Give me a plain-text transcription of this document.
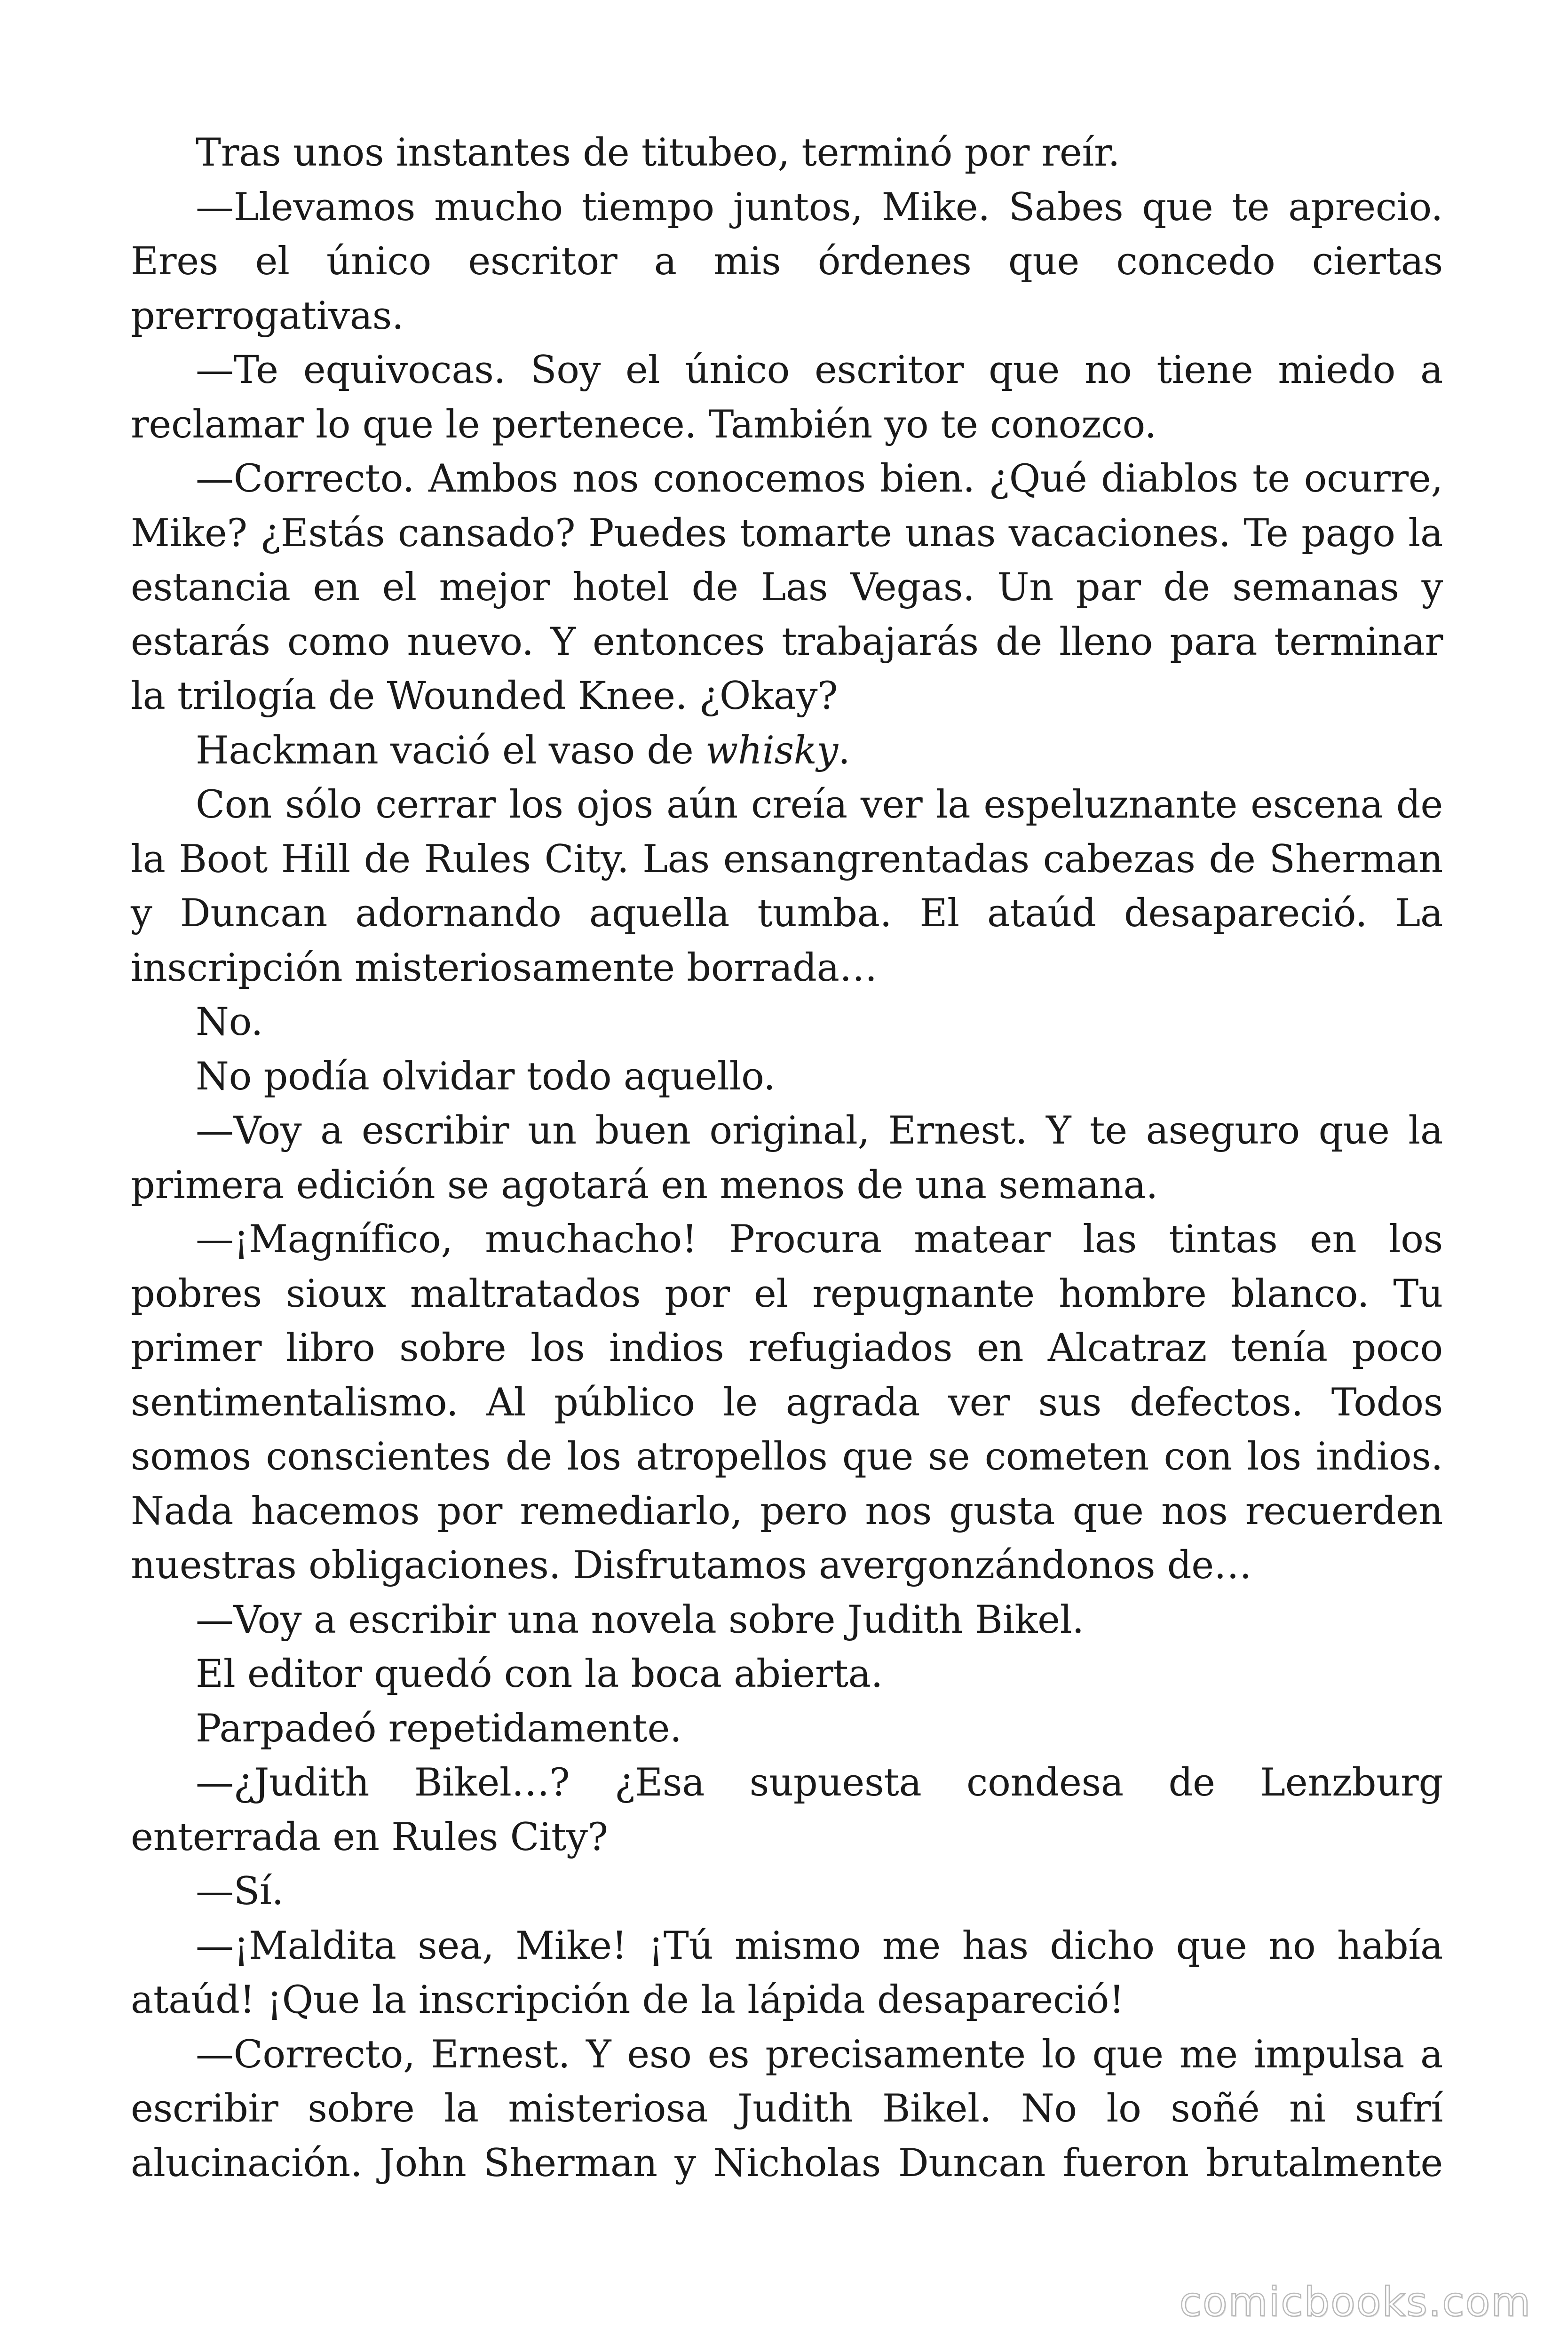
Tras unos instantes de titubeo, terminó por reír.

—Llevamos mucho tiempo juntos, Mike. Sabes que te aprecio. Eres el único escritor a mis órdenes que concedo ciertas prerrogativas.

—Te equivocas. Soy el único escritor que no tiene miedo a reclamar lo que le pertenece. También yo te conozco.

—Correcto. Ambos nos conocemos bien. ¿Qué diablos te ocurre, Mike? ¿Estás cansado? Puedes tomarte unas vacaciones. Te pago la estancia en el mejor hotel de Las Vegas. Un par de semanas y estarás como nuevo. Y entonces trabajarás de lleno para terminar la trilogía de Wounded Knee. ¿Okay?

Hackman vació el vaso de whisky.

Con sólo cerrar los ojos aún creía ver la espeluznante escena de la Boot Hill de Rules City. Las ensangrentadas cabezas de Sherman y Duncan adornando aquella tumba. El ataúd desapareció. La inscripción misteriosamente borrada…

No.

No podía olvidar todo aquello.

—Voy a escribir un buen original, Ernest. Y te aseguro que la primera edición se agotará en menos de una semana.

—¡Magnífico, muchacho! Procura matear las tintas en los pobres sioux maltratados por el repugnante hombre blanco. Tu primer libro sobre los indios refugiados en Alcatraz tenía poco sentimentalismo. Al público le agrada ver sus defectos. Todos somos conscientes de los atropellos que se cometen con los indios. Nada hacemos por remediarlo, pero nos gusta que nos recuerden nuestras obligaciones. Disfrutamos avergonzándonos de…

—Voy a escribir una novela sobre Judith Bikel.

El editor quedó con la boca abierta.

Parpadeó repetidamente.

—¿Judith Bikel…? ¿Esa supuesta condesa de Lenzburg enterrada en Rules City?

—Sí.

—¡Maldita sea, Mike! ¡Tú mismo me has dicho que no había ataúd! ¡Que la inscripción de la lápida desapareció!

—Correcto, Ernest. Y eso es precisamente lo que me impulsa a escribir sobre la misteriosa Judith Bikel. No lo soñé ni sufrí alucinación. John Sherman y Nicholas Duncan fueron brutalmente

comicbooks.com
